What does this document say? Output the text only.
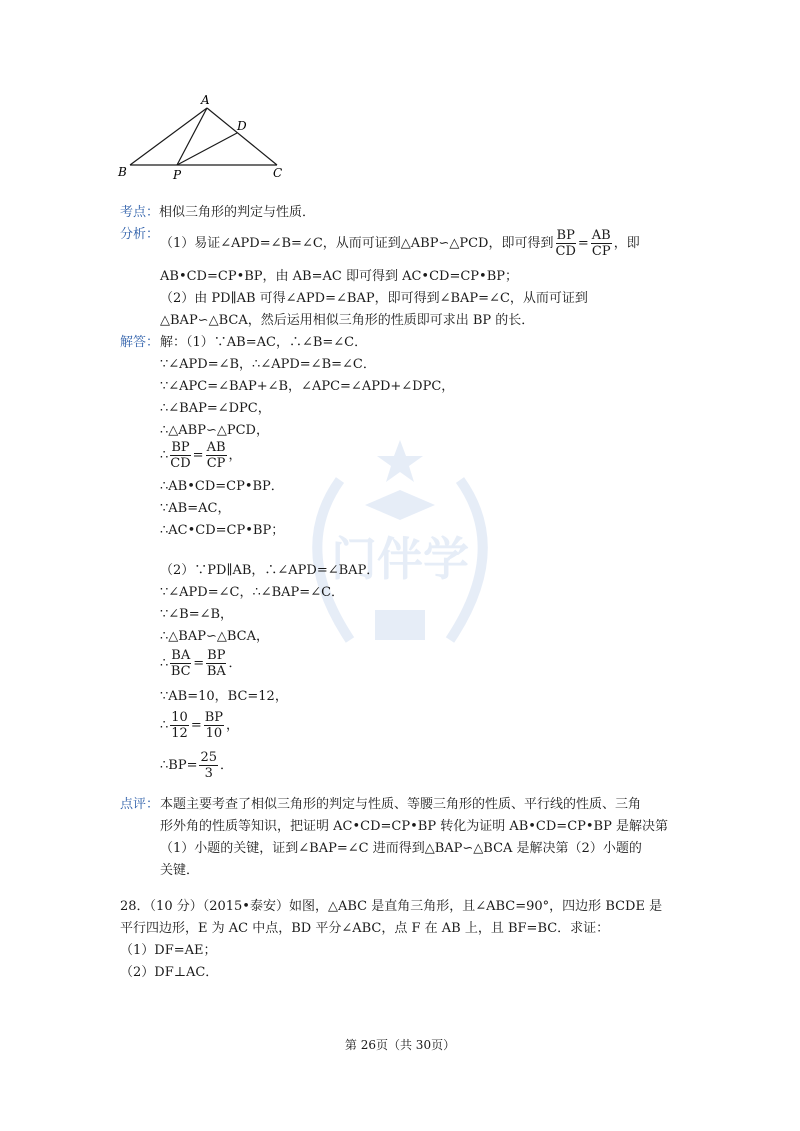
门伴学
A
B	C
D
P
考点：相似三角形的判定与性质．
分析：
（1）易证∠APD=∠B=∠C，从而可证到△ABP∽△PCD，即可得到 $\frac{BP}{CD} = \frac{AB}{CP}$ ，即
AB•CD=CP•BP，由 AB=AC 即可得到 AC•CD=CP•BP；
（2）由 PD∥AB 可得∠APD=∠BAP，即可得到∠BAP=∠C，从而可证到
△BAP∽△BCA，然后运用相似三角形的性质即可求出 BP 的长．
解答： 解：（1）∵AB=AC，∴∠B=∠C．
∵∠APD=∠B，∴∠APD=∠B=∠C．
∵∠APC=∠BAP+∠B，∠APC=∠APD+∠DPC，
∴∠BAP=∠DPC，
∴△ABP∽△PCD，
∴ $\frac{BP}{CD} = \frac{AB}{CP}$ ，
∴AB•CD=CP•BP．
∵AB=AC，
∴AC•CD=CP•BP；
（2）∵PD∥AB，∴∠APD=∠BAP．
∵∠APD=∠C，∴∠BAP=∠C．
∵∠B=∠B，
∴△BAP∽△BCA，
∴ $\frac{BA}{BC} = \frac{BP}{BA}$ ．
∵AB=10，BC=12，
∴ $\frac{10}{12} = \frac{BP}{10}$ ，
∴BP= $\frac{25}{3}$ ．
点评： 本题主要考查了相似三角形的判定与性质、等腰三角形的性质、平行线的性质、三角
形外角的性质等知识，把证明 AC•CD=CP•BP 转化为证明 AB•CD=CP•BP 是解决第
（1）小题的关键，证到∠BAP=∠C 进而得到△BAP∽△BCA 是解决第（2）小题的
关键．
28．（10 分）（2015•泰安）如图，△ABC 是直角三角形，且∠ABC=90°，四边形 BCDE 是
平行四边形，E 为 AC 中点，BD 平分∠ABC，点 F 在 AB 上，且 BF=BC．求证：
（1）DF=AE；
（2）DF⊥AC．
第 26页（共 30页）
